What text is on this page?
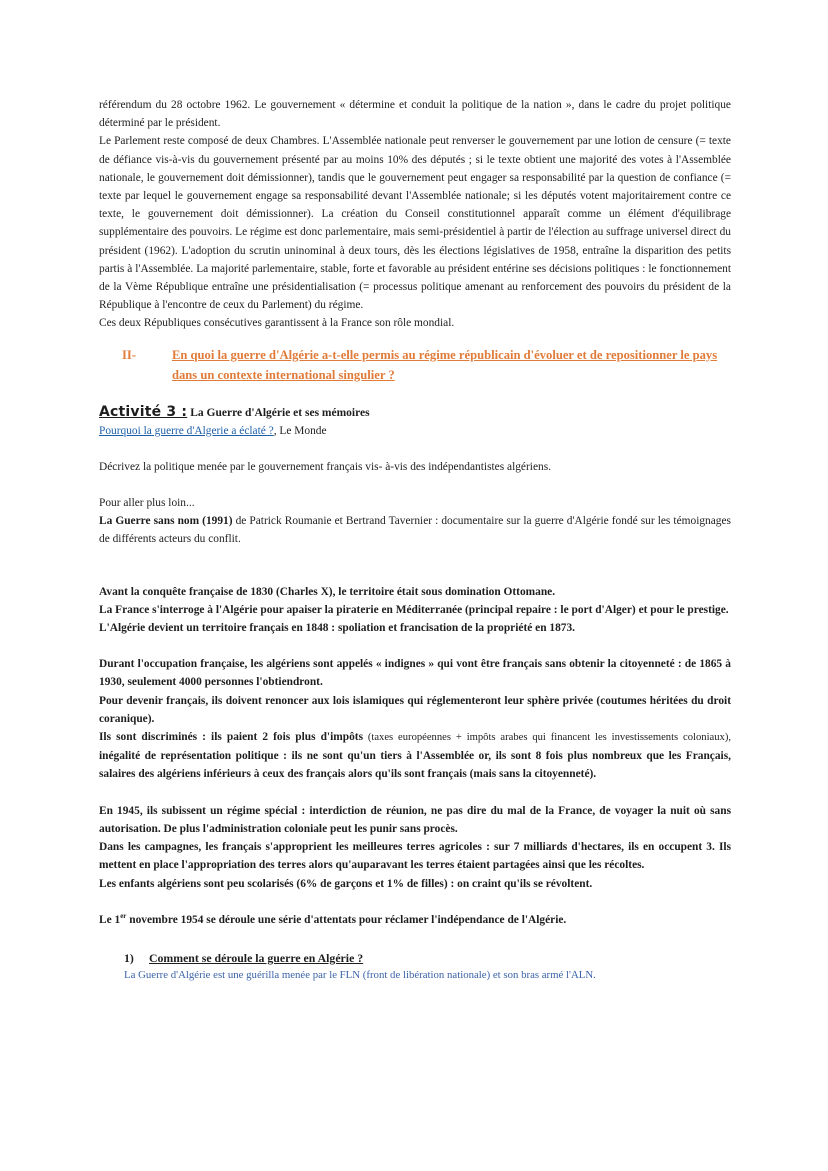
référendum du 28 octobre 1962. Le gouvernement « détermine et conduit la politique de la nation », dans le cadre du projet politique déterminé par le président.

Le Parlement reste composé de deux Chambres. L'Assemblée nationale peut renverser le gouvernement par une lotion de censure (= texte de défiance vis-à-vis du gouvernement présenté par au moins 10% des députés ; si le texte obtient une majorité des votes à l'Assemblée nationale, le gouvernement doit démissionner), tandis que le gouvernement peut engager sa responsabilité par la question de confiance (= texte par lequel le gouvernement engage sa responsabilité devant l'Assemblée nationale; si les députés votent majoritairement contre ce texte, le gouvernement doit démissionner). La création du Conseil constitutionnel apparaît comme un élément d'équilibrage supplémentaire des pouvoirs. Le régime est donc parlementaire, mais semi-présidentiel à partir de l'élection au suffrage universel direct du président (1962). L'adoption du scrutin uninominal à deux tours, dès les élections législatives de 1958, entraîne la disparition des petits partis à l'Assemblée. La majorité parlementaire, stable, forte et favorable au président entérine ses décisions politiques : le fonctionnement de la Vème République entraîne une présidentialisation (= processus politique amenant au renforcement des pouvoirs du président de la République à l'encontre de ceux du Parlement) du régime.

Ces deux Républiques consécutives garantissent à la France son rôle mondial.

II-	En quoi la guerre d'Algérie a-t-elle permis au régime républicain d'évoluer et de repositionner le pays dans un contexte international singulier ?
Activité 3 : La Guerre d'Algérie et ses mémoires

Pourquoi la guerre d'Algerie a éclaté ?, Le Monde

Décrivez la politique menée par le gouvernement français vis- à-vis des indépendantistes algériens.

Pour aller plus loin...

La Guerre sans nom (1991) de Patrick Roumanie et Bertrand Tavernier : documentaire sur la guerre d'Algérie fondé sur les témoignages de différents acteurs du conflit.

Avant la conquête française de 1830 (Charles X), le territoire était sous domination Ottomane.

La France s'interroge à l'Algérie pour apaiser la piraterie en Méditerranée (principal repaire : le port d'Alger) et pour le prestige.

L'Algérie devient un territoire français en 1848 : spoliation et francisation de la propriété en 1873.

Durant l'occupation française, les algériens sont appelés « indignes » qui vont être français sans obtenir la citoyenneté : de 1865 à 1930, seulement 4000 personnes l'obtiendront.

Pour devenir français, ils doivent renoncer aux lois islamiques qui réglementeront leur sphère privée (coutumes héritées du droit coranique).

Ils sont discriminés : ils paient 2 fois plus d'impôts (taxes européennes + impôts arabes qui financent les investissements coloniaux), inégalité de représentation politique : ils ne sont qu'un tiers à l'Assemblée or, ils sont 8 fois plus nombreux que les Français, salaires des algériens inférieurs à ceux des français alors qu'ils sont français (mais sans la citoyenneté).

En 1945, ils subissent un régime spécial : interdiction de réunion, ne pas dire du mal de la France, de voyager la nuit où sans autorisation. De plus l'administration coloniale peut les punir sans procès.

Dans les campagnes, les français s'approprient les meilleures terres agricoles : sur 7 milliards d'hectares, ils en occupent 3. Ils mettent en place l'appropriation des terres alors qu'auparavant les terres étaient partagées ainsi que les récoltes.

Les enfants algériens sont peu scolarisés (6% de garçons et 1% de filles) : on craint qu'ils se révoltent.

Le 1er novembre 1954 se déroule une série d'attentats pour réclamer l'indépendance de l'Algérie.

1)	Comment se déroule la guerre en Algérie ?

La Guerre d'Algérie est une guérilla menée par le FLN (front de libération nationale) et son bras armé l'ALN.
